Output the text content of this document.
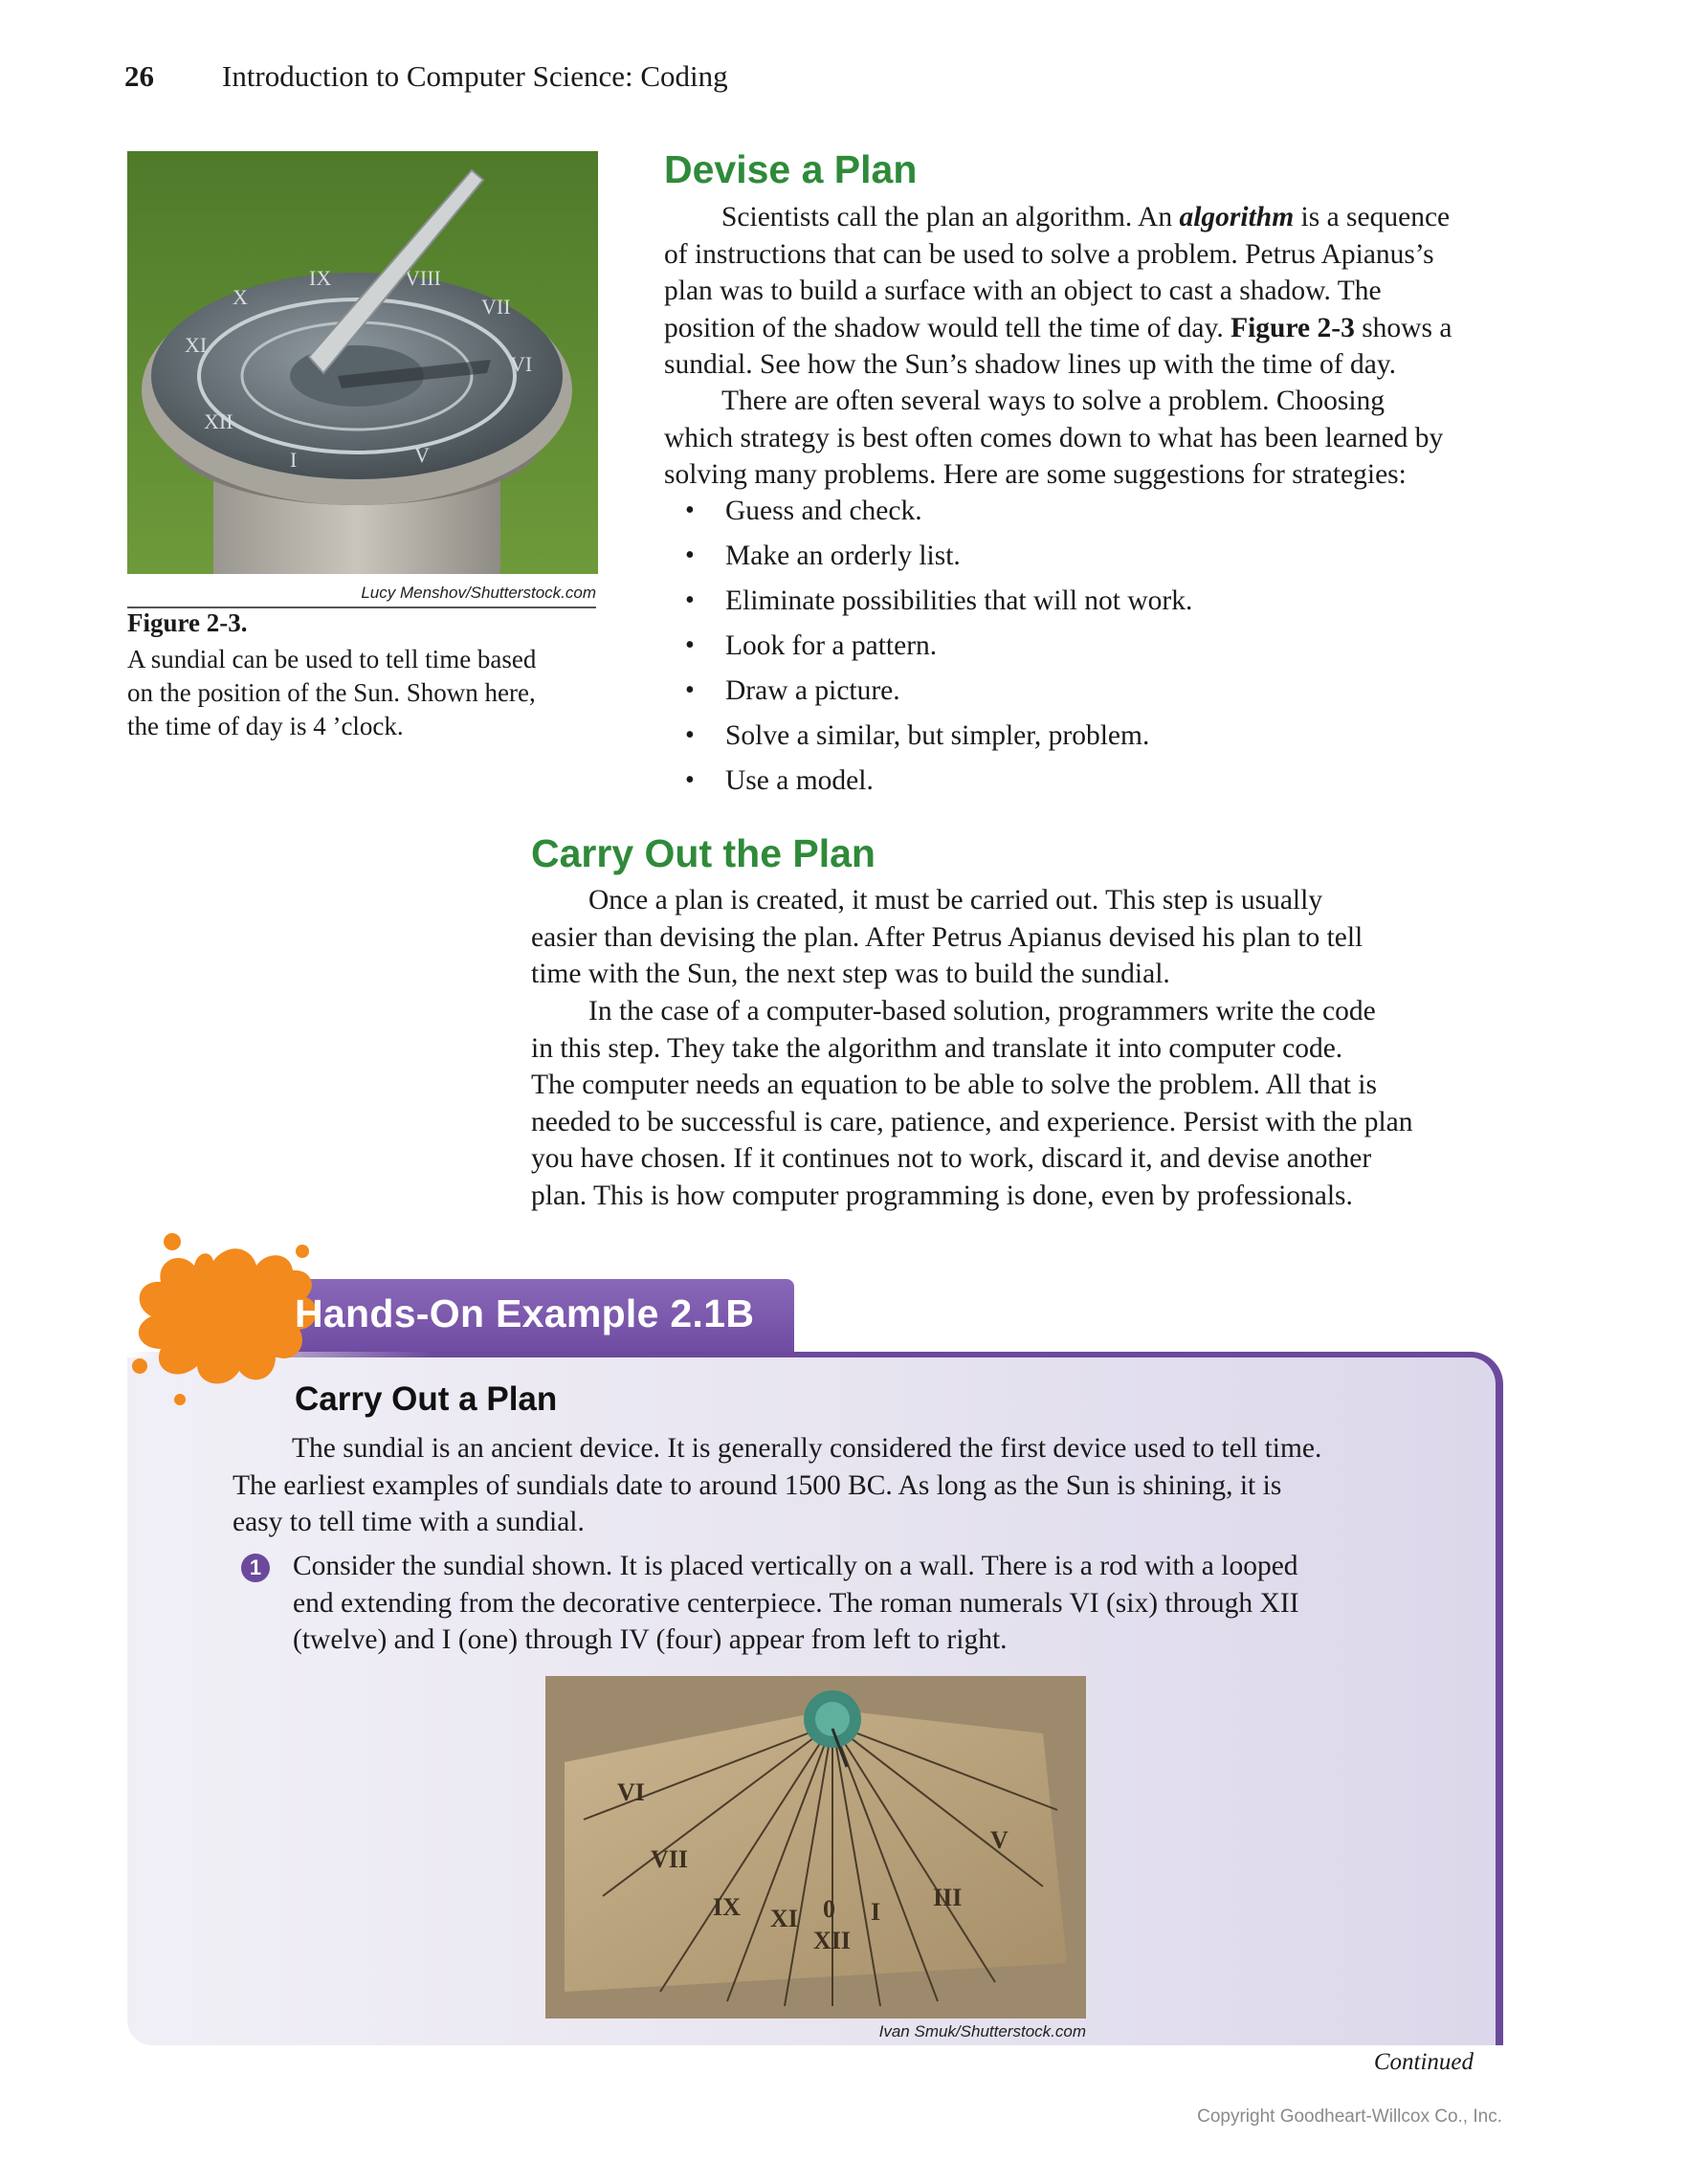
26 Introduction to Computer Science: Coding
XI
X
IX	VIII
VII
VI
XII
I	V
Lucy Menshov/Shutterstock.com
Figure 2-3.
A sundial can be used to tell time based
on the position of the Sun. Shown here,
the time of day is 4 ’clock.
Devise a Plan
Scientists call the plan an algorithm. An algorithm is a sequence
of instructions that can be used to solve a problem. Petrus Apianus’s
plan was to build a surface with an object to cast a shadow. The
position of the shadow would tell the time of day. Figure 2-3 shows a
sundial. See how the Sun’s shadow lines up with the time of day.
There are often several ways to solve a problem. Choosing
which strategy is best often comes down to what has been learned by
solving many problems. Here are some suggestions for strategies:
• Guess and check.
• Make an orderly list.
• Eliminate possibilities that will not work.
• Look for a pattern.
• Draw a picture.
• Solve a similar, but simpler, problem.
• Use a model.
Carry Out the Plan
Once a plan is created, it must be carried out. This step is usually
easier than devising the plan. After Petrus Apianus devised his plan to tell
time with the Sun, the next step was to build the sundial.
In the case of a computer-based solution, programmers write the code
in this step. They take the algorithm and translate it into computer code.
The computer needs an equation to be able to solve the problem. All that is
needed to be successful is care, patience, and experience. Persist with the plan
you have chosen. If it continues not to work, discard it, and devise another
plan. This is how computer programming is done, even by professionals.
Hands-On Example 2.1B
Carry Out a Plan
The sundial is an ancient device. It is generally considered the first device used to tell time.
The earliest examples of sundials date to around 1500 BC. As long as the Sun is shining, it is
easy to tell time with a sundial.
1	Consider the sundial shown. It is placed vertically on a wall. There is a rod with a looped
end extending from the decorative centerpiece. The roman numerals VI (six) through XII
(twelve) and I (one) through IV (four) appear from left to right.
VI
VII
IX XI 0 I
III
V
XII
Ivan Smuk/Shutterstock.com
Continued
Copyright Goodheart-Willcox Co., Inc.
